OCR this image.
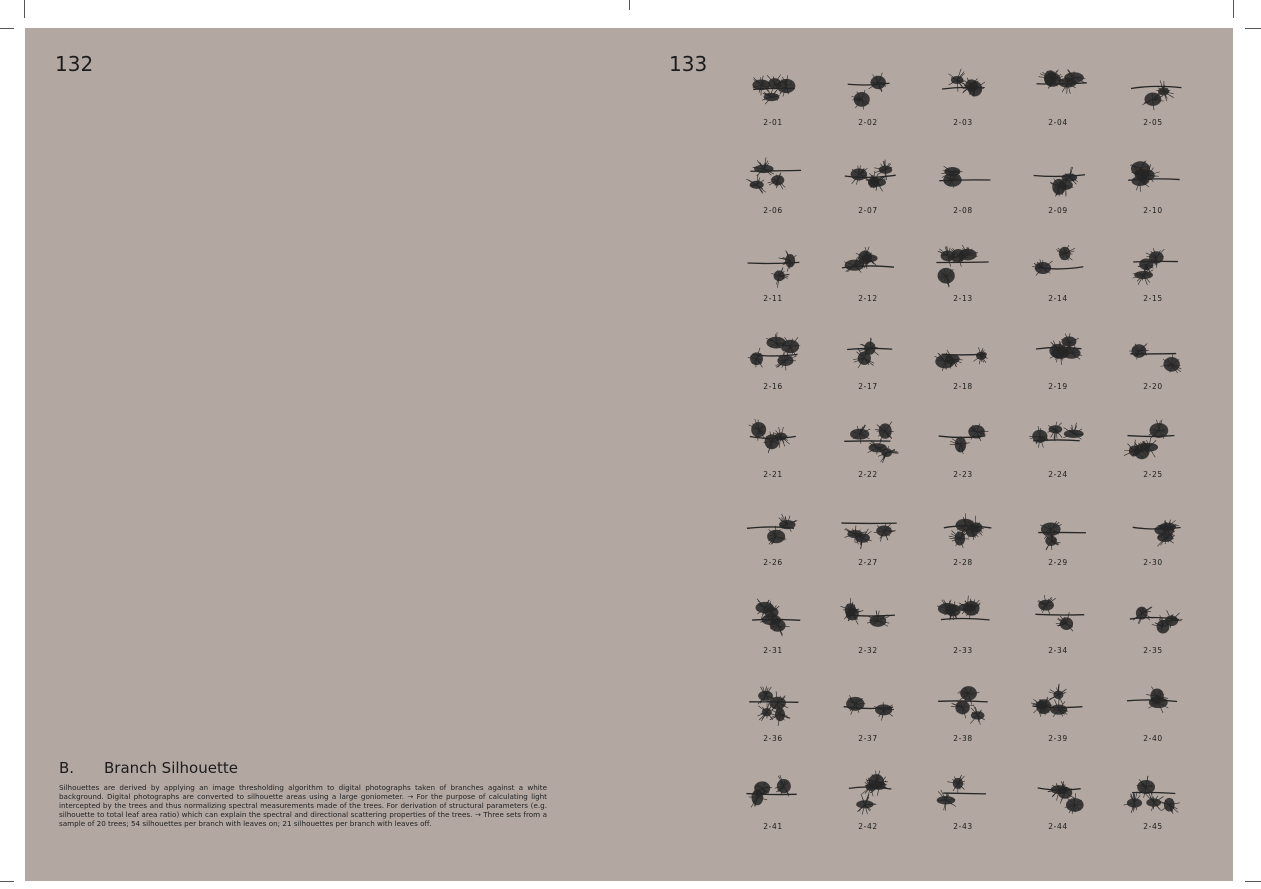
132	133
B. Branch Silhouette
Silhouettes are derived by applying an image thresholding algorithm to digital photographs taken of branches against a white background. Digital photographs are converted to silhouette areas using a large goniometer. → For the purpose of calculating light intercepted by the trees and thus normalizing spectral measurements made of the trees. For derivation of structural parameters (e.g. silhouette to total leaf area ratio) which can explain the spectral and directional scattering properties of the trees. → Three sets from a sample of 20 trees; 54 silhouettes per branch with leaves on; 21 silhouettes per branch with leaves off.
2-01	2-02	2-03	2-04	2-05
2-06	2-07	2-08	2-09	2-10
2-11	2-12	2-13	2-14	2-15
2-16	2-17	2-18	2-19	2-20
2-21	2-22	2-23	2-24	2-25
2-26	2-27	2-28	2-29	2-30
2-31	2-32	2-33	2-34	2-35
2-36	2-37	2-38	2-39	2-40
2-41	2-42	2-43	2-44	2-45
